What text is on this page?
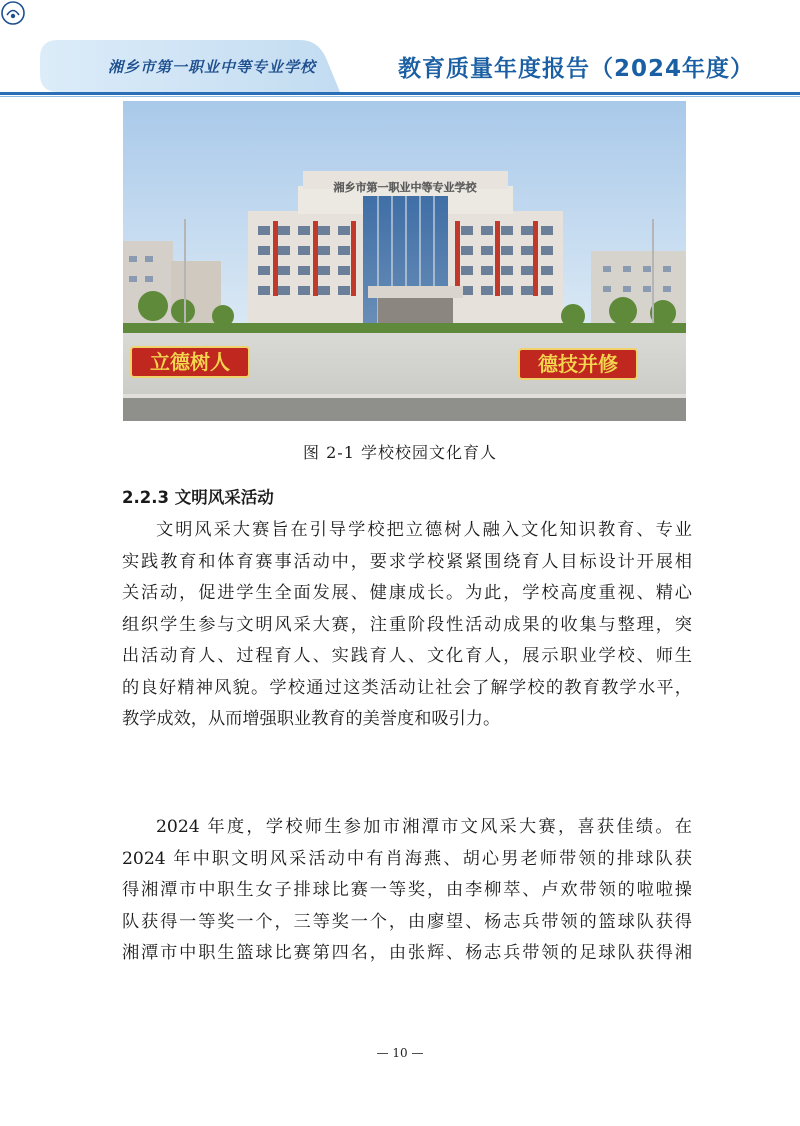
湘乡市第一职业中等专业学校	教育质量年度报告（2024年度）
湘乡市第一职业中等专业学校
立德树人	德技并修
图 2-1 学校校园文化育人
2.2.3 文明风采活动
文明风采大赛旨在引导学校把立德树人融入文化知识教育、专业
实践教育和体育赛事活动中，要求学校紧紧围绕育人目标设计开展相
关活动，促进学生全面发展、健康成长。为此，学校高度重视、精心
组织学生参与文明风采大赛，注重阶段性活动成果的收集与整理，突
出活动育人、过程育人、实践育人、文化育人，展示职业学校、师生
的良好精神风貌。学校通过这类活动让社会了解学校的教育教学水平，
教学成效，从而增强职业教育的美誉度和吸引力。
2024 年度，学校师生参加市湘潭市文风采大赛，喜获佳绩。在
2024 年中职文明风采活动中有肖海燕、胡心男老师带领的排球队获
得湘潭市中职生女子排球比赛一等奖，由李柳萃、卢欢带领的啦啦操
队获得一等奖一个，三等奖一个，由廖望、杨志兵带领的篮球队获得
湘潭市中职生篮球比赛第四名，由张辉、杨志兵带领的足球队获得湘
— 10 —
